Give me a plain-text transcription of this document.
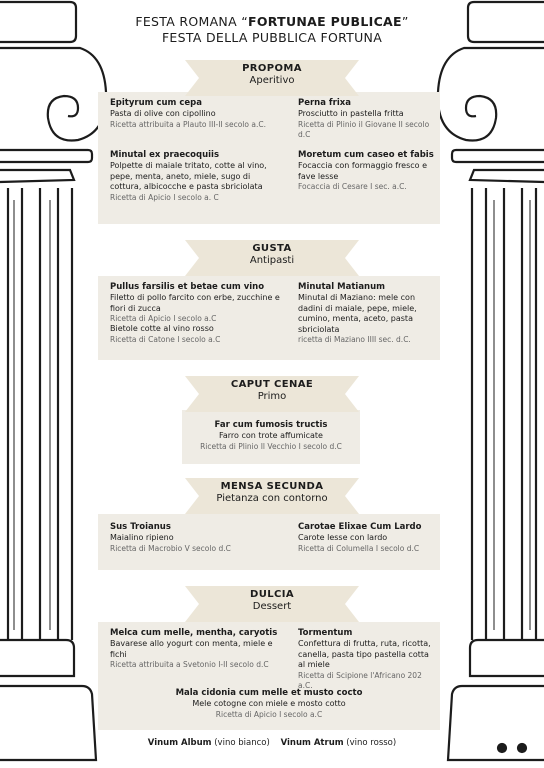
FESTA ROMANA “FORTUNAE PUBLICAE”
FESTA DELLA PUBBLICA FORTUNA
PROPOMA
Aperitivo
Epityrum cum cepa
Pasta di olive con cipollino
Ricetta attribuita a Plauto III-II secolo a.C.
Perna frixa
Prosciutto in pastella fritta
Ricetta di Plinio il Giovane II secolo d.C
Minutal ex praecoquiis
Polpette di maiale tritato, cotte al vino, pepe, menta, aneto, miele, sugo di cottura, albicocche e pasta sbriciolata
Ricetta di Apicio I secolo a. C
Moretum cum caseo et fabis
Focaccia con formaggio fresco e fave lesse
Focaccia di Cesare I sec. a.C.
GUSTA
Antipasti
Pullus farsilis et betae cum vino
Filetto di pollo farcito con erbe, zucchine e fiori di zucca
Ricetta di Apicio I secolo a.C
Bietole cotte al vino rosso
Ricetta di Catone I secolo a.C
Minutal Matianum
Minutal di Maziano: mele con dadini di maiale, pepe, miele, cumino, menta, aceto, pasta sbriciolata
ricetta di Maziano IIII sec. d.C.
CAPUT CENAE
Primo
Far cum fumosis tructis
Farro con trote affumicate
Ricetta di Plinio Il Vecchio I secolo d.C
MENSA SECUNDA
Pietanza con contorno
Sus Troianus
Maialino ripieno
Ricetta di Macrobio V secolo d.C
Carotae Elixae Cum Lardo
Carote lesse con lardo
Ricetta di Columella I secolo d.C
DULCIA
Dessert
Melca cum melle, mentha, caryotis
Bavarese allo yogurt con menta, miele e fichi
Ricetta attribuita a Svetonio I-II secolo d.C
Tormentum
Confettura di frutta, ruta, ricotta, canella, pasta tipo pastella cotta al miele
Ricetta di Scipione l'Africano 202 a.C.
Mala cidonia cum melle et musto cocto
Mele cotogne con miele e mosto cotto
Ricetta di Apicio I secolo a.C
Vinum Album (vino bianco) Vinum Atrum (vino rosso)
